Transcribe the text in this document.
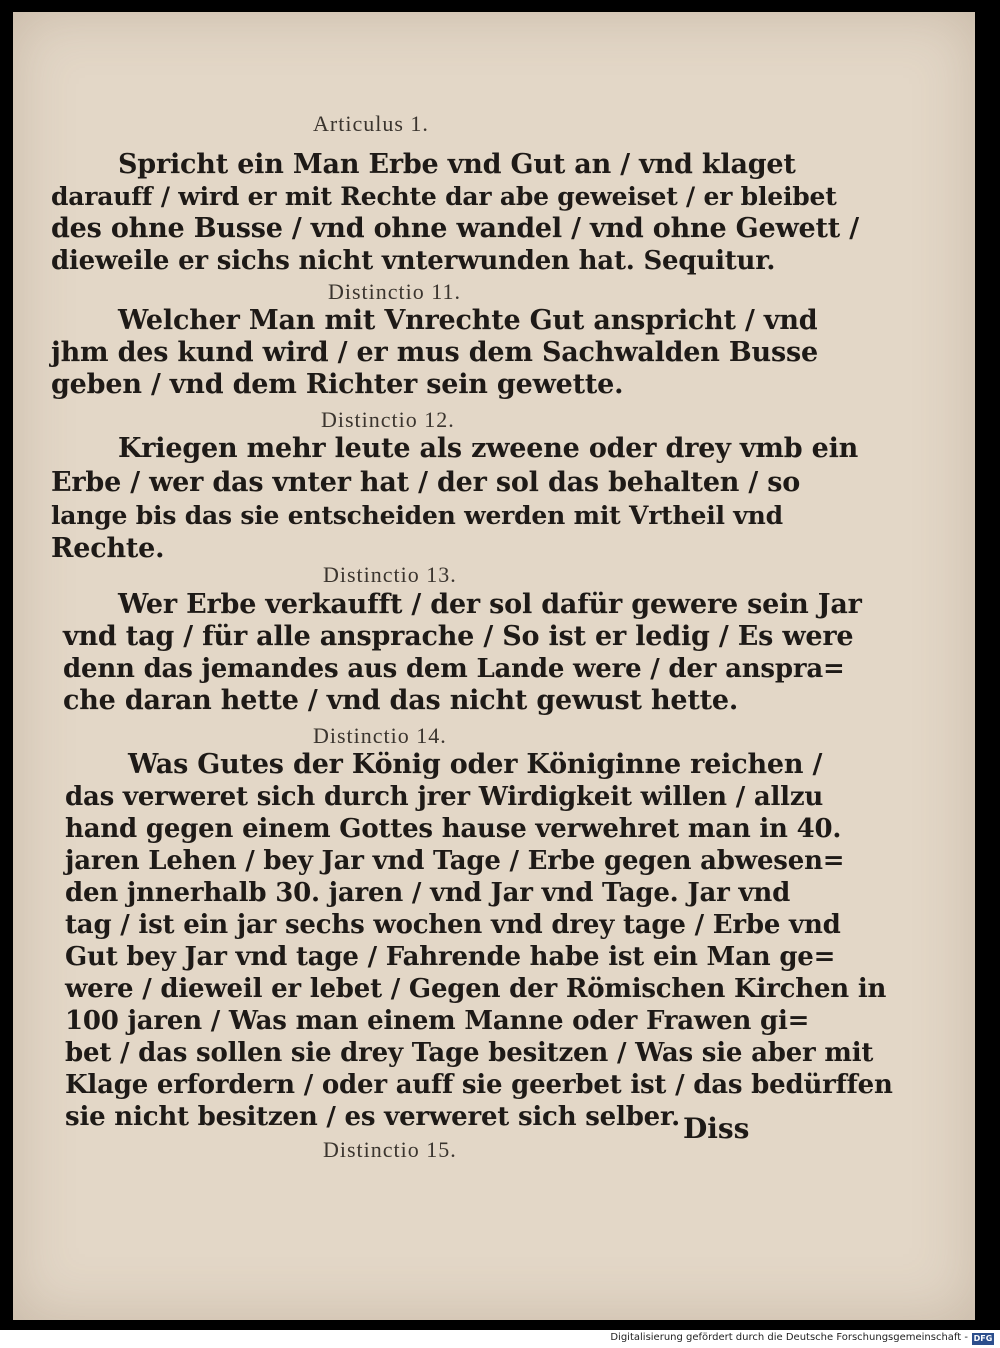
Articulus 1.

Spricht ein Man Erbe vnd Gut an / vnd klaget

darauff / wird er mit Rechte dar abe geweiset / er bleibet

des ohne Busse / vnd ohne wandel / vnd ohne Gewett /

dieweile er sichs nicht vnterwunden hat. Sequitur.

Distinctio 11.

Welcher Man mit Vnrechte Gut anspricht / vnd

jhm des kund wird / er mus dem Sachwalden Busse

geben / vnd dem Richter sein gewette.

Distinctio 12.

Kriegen mehr leute als zweene oder drey vmb ein

Erbe / wer das vnter hat / der sol das behalten / so

lange bis das sie entscheiden werden mit Vrtheil vnd

Rechte.

Distinctio 13.

Wer Erbe verkaufft / der sol dafür gewere sein Jar

vnd tag / für alle ansprache / So ist er ledig / Es were

denn das jemandes aus dem Lande were / der anspra=

che daran hette / vnd das nicht gewust hette.

Distinctio 14.

Was Gutes der König oder Königinne reichen /

das verweret sich durch jrer Wirdigkeit willen / allzu

hand gegen einem Gottes hause verwehret man in 40.

jaren Lehen / bey Jar vnd Tage / Erbe gegen abwesen=

den jnnerhalb 30. jaren / vnd Jar vnd Tage. Jar vnd

tag / ist ein jar sechs wochen vnd drey tage / Erbe vnd

Gut bey Jar vnd tage / Fahrende habe ist ein Man ge=

were / dieweil er lebet / Gegen der Römischen Kirchen in

100 jaren / Was man einem Manne oder Frawen gi=

bet / das sollen sie drey Tage besitzen / Was sie aber mit

Klage erfordern / oder auff sie geerbet ist / das bedürffen

sie nicht besitzen / es verweret sich selber.

Distinctio 15.

Diss

Digitalisierung gefördert durch die Deutsche Forschungsgemeinschaft - DFG
